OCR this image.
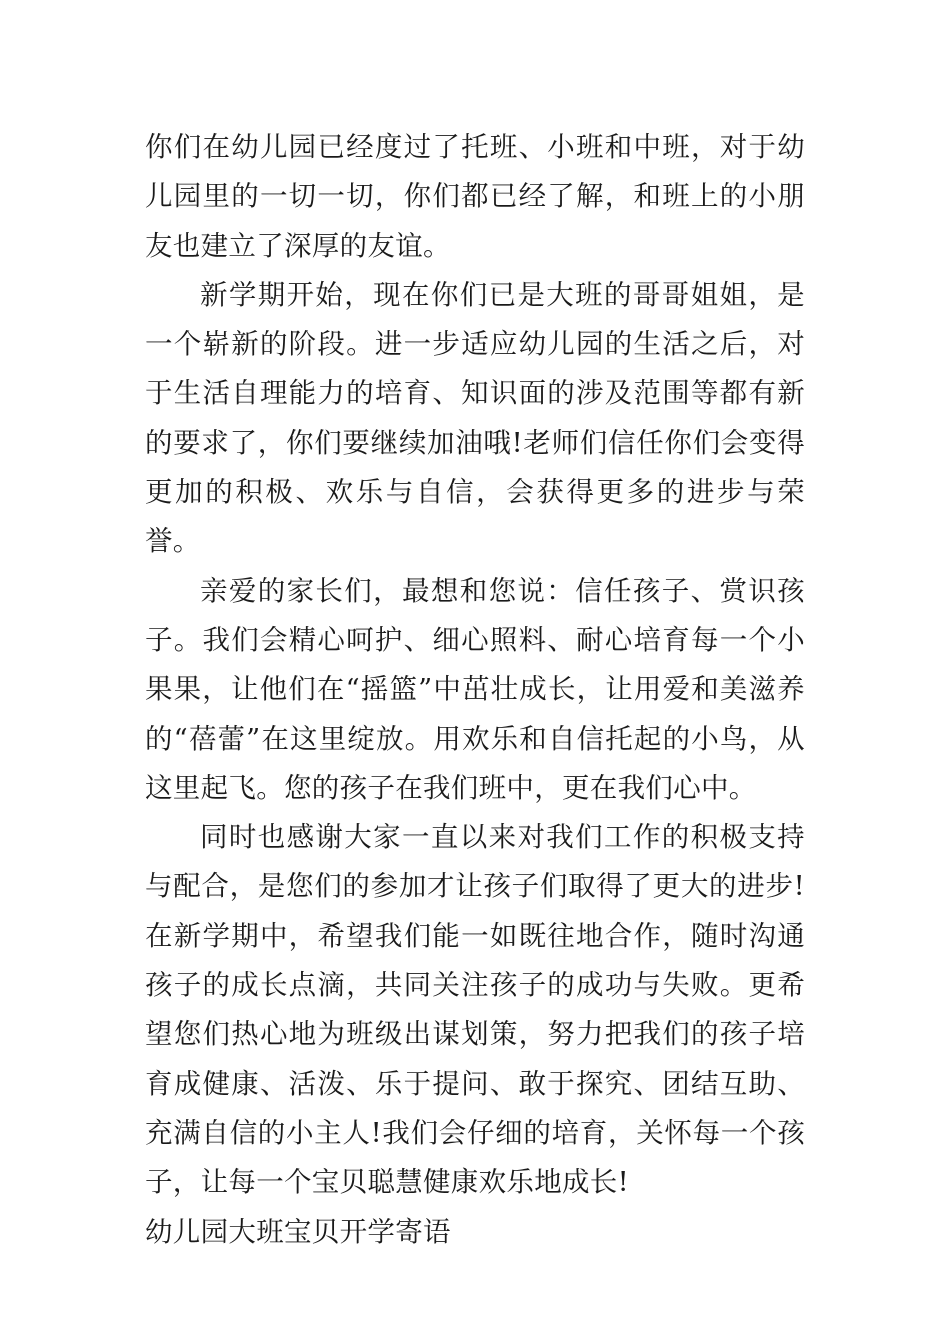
你们在幼儿园已经度过了托班、小班和中班，对于幼儿园里的一切一切，你们都已经了解，和班上的小朋友也建立了深厚的友谊。

新学期开始，现在你们已是大班的哥哥姐姐，是一个崭新的阶段。进一步适应幼儿园的生活之后，对于生活自理能力的培育、知识面的涉及范围等都有新的要求了，你们要继续加油哦!老师们信任你们会变得更加的积极、欢乐与自信，会获得更多的进步与荣誉。

亲爱的家长们，最想和您说：信任孩子、赏识孩子。我们会精心呵护、细心照料、耐心培育每一个小果果，让他们在“摇篮”中茁壮成长，让用爱和美滋养的“蓓蕾”在这里绽放。用欢乐和自信托起的小鸟，从这里起飞。您的孩子在我们班中，更在我们心中。

同时也感谢大家一直以来对我们工作的积极支持与配合，是您们的参加才让孩子们取得了更大的进步!在新学期中，希望我们能一如既往地合作，随时沟通孩子的成长点滴，共同关注孩子的成功与失败。更希望您们热心地为班级出谋划策，努力把我们的孩子培育成健康、活泼、乐于提问、敢于探究、团结互助、充满自信的小主人!我们会仔细的培育，关怀每一个孩子，让每一个宝贝聪慧健康欢乐地成长!

幼儿园大班宝贝开学寄语
